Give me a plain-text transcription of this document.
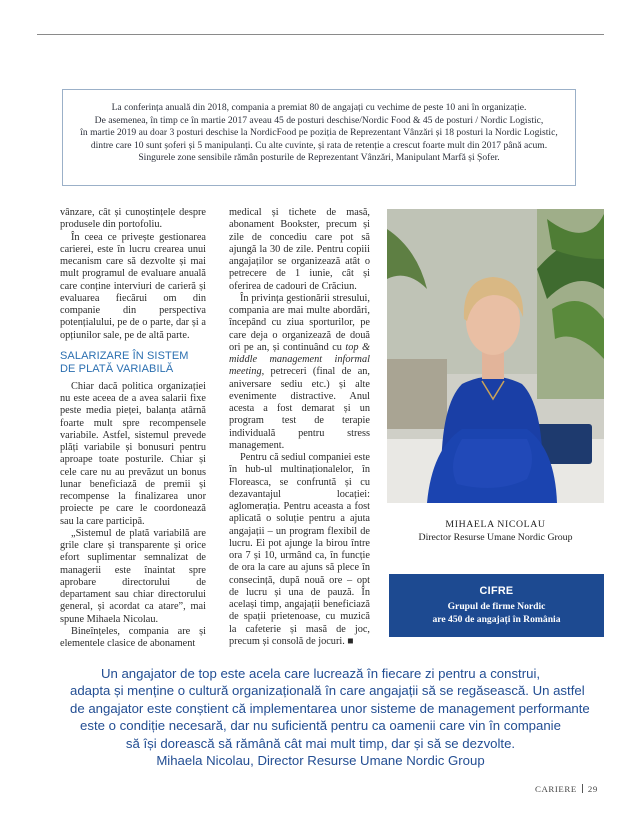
La conferința anuală din 2018, compania a premiat 80 de angajați cu vechime de peste 10 ani în organizație.
De asemenea, în timp ce în martie 2017 aveau 45 de posturi deschise/Nordic Food & 45 de posturi / Nordic Logistic,
în martie 2019 au doar 3 posturi deschise la NordicFood pe poziția de Reprezentant Vânzări și 18 posturi la Nordic Logistic,
dintre care 10 sunt șoferi și 5 manipulanți. Cu alte cuvinte, și rata de retenție a crescut foarte mult din 2017 până acum.
Singurele zone sensibile rămân posturile de Reprezentant Vânzări, Manipulant Marfă și Șofer.

vânzare, cât și cunoștințele despre produsele din portofoliu.

În ceea ce privește gestionarea carierei, este în lucru crearea unui mecanism care să dezvolte și mai mult programul de evaluare anuală care conține interviuri de carieră și evaluarea fiecărui om din companie din perspectiva potențialului, pe de o parte, dar și a opțiunilor sale, pe de altă parte.

SALARIZARE ÎN SISTEM DE PLATĂ VARIABILĂ

Chiar dacă politica organizației nu este aceea de a avea salarii fixe peste media pieței, balanța atârnă foarte mult spre recompensele variabile. Astfel, sistemul prevede plăți variabile și bonusuri pentru aproape toate posturile. Chiar și cele care nu au prevăzut un bonus lunar beneficiază de premii și recompense la finalizarea unor proiecte pe care le coordonează sau la care participă.

„Sistemul de plată variabilă are grile clare și transparente și orice efort suplimentar semnalizat de managerii este înaintat spre aprobare directorului de departament sau chiar directorului general, și acordat ca atare”, mai spune Mihaela Nicolau.

Bineînțeles, compania are și elementele clasice de abonament

medical și tichete de masă, abonament Bookster, precum și zile de concediu care pot să ajungă la 30 de zile. Pentru copiii angajaților se organizează atât o petrecere de 1 iunie, cât și oferirea de cadouri de Crăciun.

În privința gestionării stresului, compania are mai multe abordări, începând cu ziua sporturilor, pe care deja o organizează de două ori pe an, și continuând cu top & middle management informal meeting, petreceri (final de an, aniversare sediu etc.) și alte evenimente distractive. Anul acesta a fost demarat și un program test de terapie individuală pentru stress management.

Pentru că sediul companiei este în hub-ul multinaționalelor, în Floreasca, se confruntă și cu dezavantajul locației: aglomerația. Pentru aceasta a fost aplicată o soluție pentru a ajuta angajații – un program flexibil de lucru. Ei pot ajunge la birou între ora 7 și 10, urmând ca, în funcție de ora la care au ajuns să plece în consecință, după nouă ore – opt de lucru și una de pauză. În același timp, angajații beneficiază de spații prietenoase, cu muzică la cafeterie și masă de joc, precum și consolă de jocuri. ■

MIHAELA NICOLAU
Director Resurse Umane Nordic Group
CIFRE
Grupul de firme Nordic
are 450 de angajați în România
Un angajator de top este acela care lucrează în fiecare zi pentru a construi,
adapta și menține o cultură organizațională în care angajații să se regăsească. Un astfel
de angajator este conștient că implementarea unor sisteme de management performante
este o condiție necesară, dar nu suficientă pentru ca oamenii care vin în companie
să își dorească să rămână cât mai mult timp, dar și să se dezvolte.
Mihaela Nicolau, Director Resurse Umane Nordic Group
CARIERE 29
